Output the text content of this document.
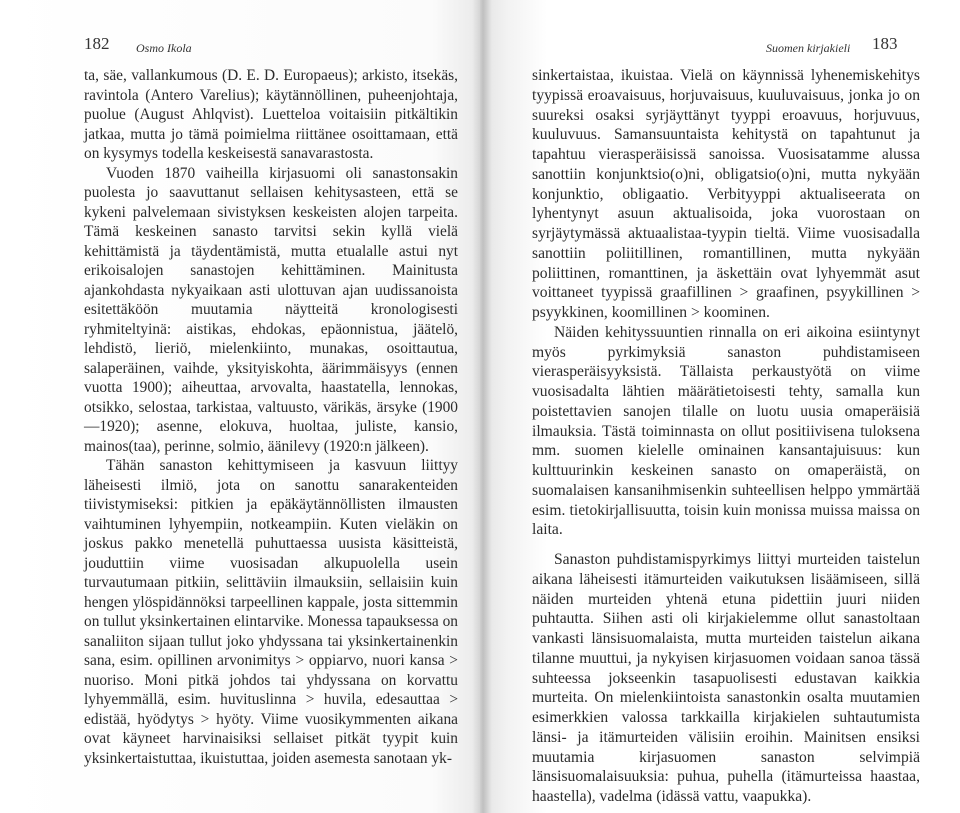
182 Osmo Ikola

ta, säe, vallankumous (D. E. D. Europaeus); arkisto, itsekäs, ravintola (Antero Varelius); käytännöllinen, puheenjohtaja, puolue (August Ahlqvist). Luetteloa voitaisiin pitkältikin jatkaa, mutta jo tämä poimielma riittänee osoittamaan, että on kysymys todella keskeisestä sanavarastosta.

Vuoden 1870 vaiheilla kirjasuomi oli sanastonsakin puolesta jo saavuttanut sellaisen kehitysasteen, että se kykeni palvelemaan sivistyksen keskeisten alojen tarpeita. Tämä keskeinen sanasto tarvitsi sekin kyllä vielä kehittämistä ja täydentämistä, mutta etualalle astui nyt erikoisalojen sanastojen kehittäminen. Mainitusta ajankohdasta nykyaikaan asti ulottuvan ajan uudissanoista esitettäköön muutamia näytteitä kronologisesti ryhmiteltyinä: aistikas, ehdokas, epäonnistua, jäätelö, lehdistö, lieriö, mielenkiinto, munakas, osoittautua, salaperäinen, vaihde, yksityiskohta, äärimmäisyys (ennen vuotta 1900); aiheuttaa, arvovalta, haastatella, lennokas, otsikko, selostaa, tarkistaa, valtuusto, värikäs, ärsyke (1900—1920); asenne, elokuva, huoltaa, juliste, kansio, mainos(taa), perinne, solmio, äänilevy (1920:n jälkeen).

Tähän sanaston kehittymiseen ja kasvuun liittyy läheisesti ilmiö, jota on sanottu sanarakenteiden tiivistymiseksi: pitkien ja epäkäytännöllisten ilmausten vaihtuminen lyhyempiin, notkeampiin. Kuten vieläkin on joskus pakko menetellä puhuttaessa uusista käsitteistä, jouduttiin viime vuosisadan alkupuolella usein turvautumaan pitkiin, selittäviin ilmauksiin, sellaisiin kuin hengen ylöspidännöksi tarpeellinen kappale, josta sittemmin on tullut yksinkertainen elintarvike. Monessa tapauksessa on sanaliiton sijaan tullut joko yhdyssana tai yksinkertainenkin sana, esim. opillinen arvonimitys > oppiarvo, nuori kansa > nuoriso. Moni pitkä johdos tai yhdyssana on korvattu lyhyemmällä, esim. huvituslinna > huvila, edesauttaa > edistää, hyödytys > hyöty. Viime vuosikymmenten aikana ovat käyneet harvinaisiksi sellaiset pitkät tyypit kuin yksinkertaistuttaa, ikuistuttaa, joiden asemesta sanotaan yk-

Suomen kirjakieli 183

sinkertaistaa, ikuistaa. Vielä on käynnissä lyhenemiskehitys tyypissä eroavaisuus, horjuvaisuus, kuuluvaisuus, jonka jo on suureksi osaksi syrjäyttänyt tyyppi eroavuus, horjuvuus, kuuluvuus. Samansuuntaista kehitystä on tapahtunut ja tapahtuu vierasperäisissä sanoissa. Vuosisatamme alussa sanottiin konjunktsio(o)ni, obligatsio(o)ni, mutta nykyään konjunktio, obligaatio. Verbityyppi aktualiseerata on lyhentynyt asuun aktualisoida, joka vuorostaan on syrjäytymässä aktuaalistaa-tyypin tieltä. Viime vuosisadalla sanottiin poliitillinen, romantillinen, mutta nykyään poliittinen, romanttinen, ja äskettäin ovat lyhyemmät asut voittaneet tyypissä graafillinen > graafinen, psyykillinen > psyykkinen, koomillinen > koominen.

Näiden kehityssuuntien rinnalla on eri aikoina esiintynyt myös pyrkimyksiä sanaston puhdistamiseen vierasperäisyyksistä. Tällaista perkaustyötä on viime vuosisadalta lähtien määrätietoisesti tehty, samalla kun poistettavien sanojen tilalle on luotu uusia omaperäisiä ilmauksia. Tästä toiminnasta on ollut positiivisena tuloksena mm. suomen kielelle ominainen kansantajuisuus: kun kulttuurinkin keskeinen sanasto on omaperäistä, on suomalaisen kansanihmisenkin suhteellisen helppo ymmärtää esim. tietokirjallisuutta, toisin kuin monissa muissa maissa on laita.

Sanaston puhdistamispyrkimys liittyi murteiden taistelun aikana läheisesti itämurteiden vaikutuksen lisäämiseen, sillä näiden murteiden yhtenä etuna pidettiin juuri niiden puhtautta. Siihen asti oli kirjakielemme ollut sanastoltaan vankasti länsisuomalaista, mutta murteiden taistelun aikana tilanne muuttui, ja nykyisen kirjasuomen voidaan sanoa tässä suhteessa jokseenkin tasapuolisesti edustavan kaikkia murteita. On mielenkiintoista sanastonkin osalta muutamien esimerkkien valossa tarkkailla kirjakielen suhtautumista länsi- ja itämurteiden välisiin eroihin. Mainitsen ensiksi muutamia kirjasuomen sanaston selvimpiä länsisuomalaisuuksia: puhua, puhella (itämurteissa haastaa, haastella), vadelma (idässä vattu, vaapukka).
